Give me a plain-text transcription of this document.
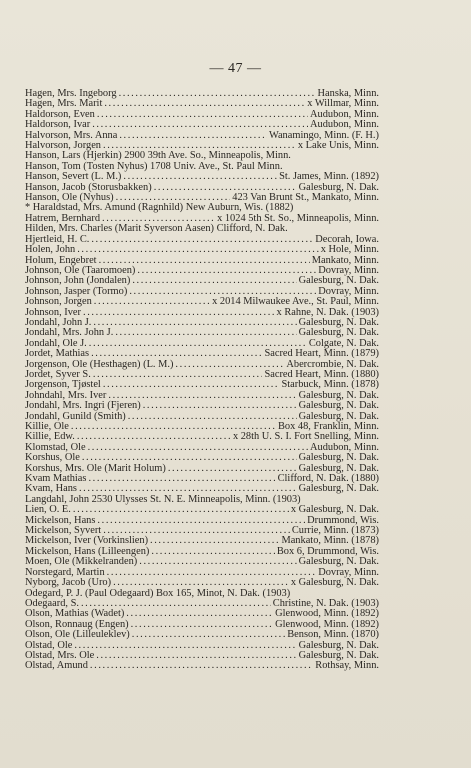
— 47 —
Hagen, Mrs. Ingeborg .....	Hanska, Minn.
Hagen, Mrs. Marit .....	x Willmar, Minn.
Haldorson, Even .....	Audubon, Minn.
Haldorson, Ivar .....	Audubon, Minn.
Halvorson, Mrs. Anna .....	Wanamingo, Minn. (F. H.)
Halvorson, Jorgen .....	x Lake Unis, Minn.
Hanson, Lars (Hjerkin) 2900 39th Ave. So., Minneapolis, Minn.
Hanson, Tom (Tosten Nyhus) 1708 Univ. Ave., St. Paul Minn.
Hanson, Severt (L. M.) .....	St. James, Minn. (1892)
Hanson, Jacob (Storusbakken) .....	Galesburg, N. Dak.
Hanson, Ole (Nyhus) .....	423 Van Brunt St., Mankato, Minn.
* Haraldstad, Mrs. Amund (Ragnhild) New Auburn, Wis. (1882)
Hatrem, Bernhard .....	x 1024 5th St. So., Minneapolis, Minn.
Hilden, Mrs. Charles (Marit Syverson Aasen) Clifford, N. Dak.
Hjertleid, H. C. .....	Decorah, Iowa.
Holen, John .....	x Hole, Minn.
Holum, Engebret .....	Mankato, Minn.
Johnson, Ole (Taaromoen) .....	Dovray, Minn.
Johnson, John (Jondalen) .....	Galesburg, N. Dak.
Johnson, Jasper (Tormo) .....	Dovray, Minn.
Johnson, Jorgen .....	x 2014 Milwaukee Ave., St. Paul, Minn.
Johnson, Iver .....	x Rahne, N. Dak. (1903)
Jondahl, John J. .....	Galesburg, N. Dak.
Jondahl, Mrs. John J. .....	Galesburg, N. Dak.
Jondahl, Ole J. .....	Colgate, N. Dak.
Jordet, Mathias .....	Sacred Heart, Minn. (1879)
Jorgenson, Ole (Hesthagen) (L. M.) .....	Abercrombie, N. Dak.
Jordet, Syver S. .....	Sacred Heart, Minn. (1880)
Jorgenson, Tjøstel .....	Starbuck, Minn. (1878)
Johndahl, Mrs. Iver .....	Galesburg, N. Dak.
Jondahl, Mrs. Ingri (Fjeren) .....	Galesburg, N. Dak.
Jondahl, Gunild (Smith) .....	Galesburg, N. Dak.
Killie, Ole .....	Box 48, Franklin, Minn.
Killie, Edw. .....	x 28th U. S. I. Fort Snelling, Minn.
Klomstad, Ole .....	Audubon, Minn.
Korshus, Ole .....	Galesburg, N. Dak.
Korshus, Mrs. Ole (Marit Holum) .....	Galesburg, N. Dak.
Kvam Mathias .....	Clifford, N. Dak. (1880)
Kvam, Hans .....	Galesburg, N. Dak.
Langdahl, John 2530 Ulysses St. N. E. Minneapolis, Minn. (1903)
Lien, O. E. .....	x Galesburg, N. Dak.
Mickelson, Hans .....	Drummond, Wis.
Mickelson, Syvert .....	Currie, Minn. (1873)
Mickelson, Iver (Vorkinslien) .....	Mankato, Minn. (1878)
Mickelson, Hans (Lilleengen) .....	Box 6, Drummond, Wis.
Moen, Ole (Mikkelranden) .....	Galesburg, N. Dak.
Norstegard, Martin .....	Dovray, Minn.
Nyborg, Jacob (Uro) .....	x Galesburg, N. Dak.
Odegard, P. J. (Paul Odegaard) Box 165, Minot, N. Dak. (1903)
Odegaard, S. .....	Christine, N. Dak. (1903)
Olson, Mathias (Wadet) .....	Glenwood, Minn. (1892)
Olson, Ronnaug (Engen) .....	Glenwood, Minn. (1892)
Olson, Ole (Lilleuleklev) .....	Benson, Minn. (1870)
Olstad, Ole .....	Galesburg, N. Dak.
Olstad, Mrs. Ole .....	Galesburg, N. Dak.
Olstad, Amund .....	Rothsay, Minn.
